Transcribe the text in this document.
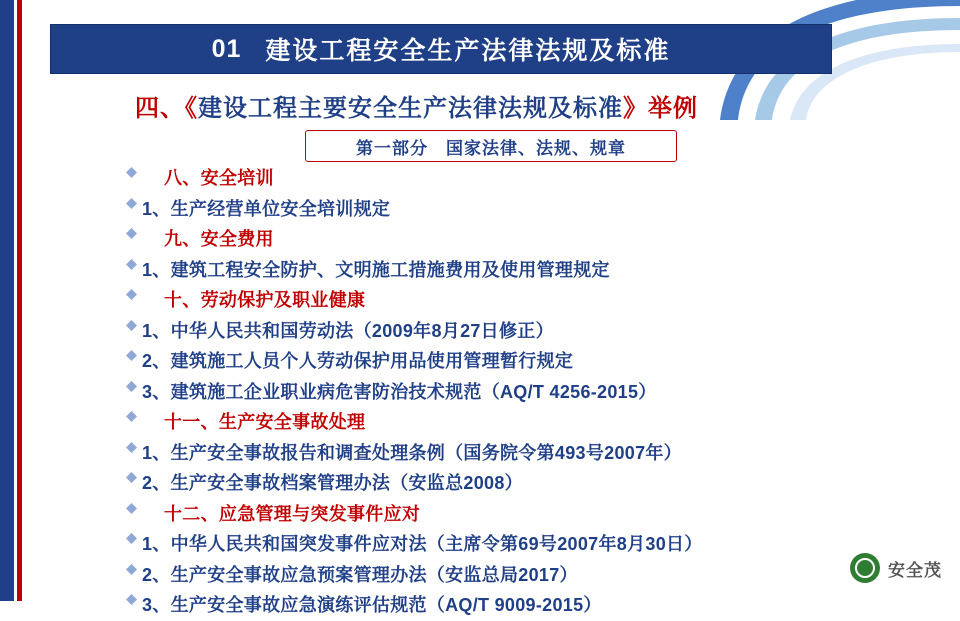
01 建设工程安全生产法律法规及标准
四、《建设工程主要安全生产法律法规及标准》举例
第一部分　国家法律、法规、规章
八、安全培训
1、生产经营单位安全培训规定
九、安全费用
1、建筑工程安全防护、文明施工措施费用及使用管理规定
十、劳动保护及职业健康
1、中华人民共和国劳动法（2009年8月27日修正）
2、建筑施工人员个人劳动保护用品使用管理暂行规定
3、建筑施工企业职业病危害防治技术规范（AQ/T 4256-2015）
十一、生产安全事故处理
1、生产安全事故报告和调查处理条例（国务院令第493号2007年）
2、生产安全事故档案管理办法（安监总2008）
十二、应急管理与突发事件应对
1、中华人民共和国突发事件应对法（主席令第69号2007年8月30日）
2、生产安全事故应急预案管理办法（安监总局2017）
3、生产安全事故应急演练评估规范（AQ/T 9009-2015）
安全茂
